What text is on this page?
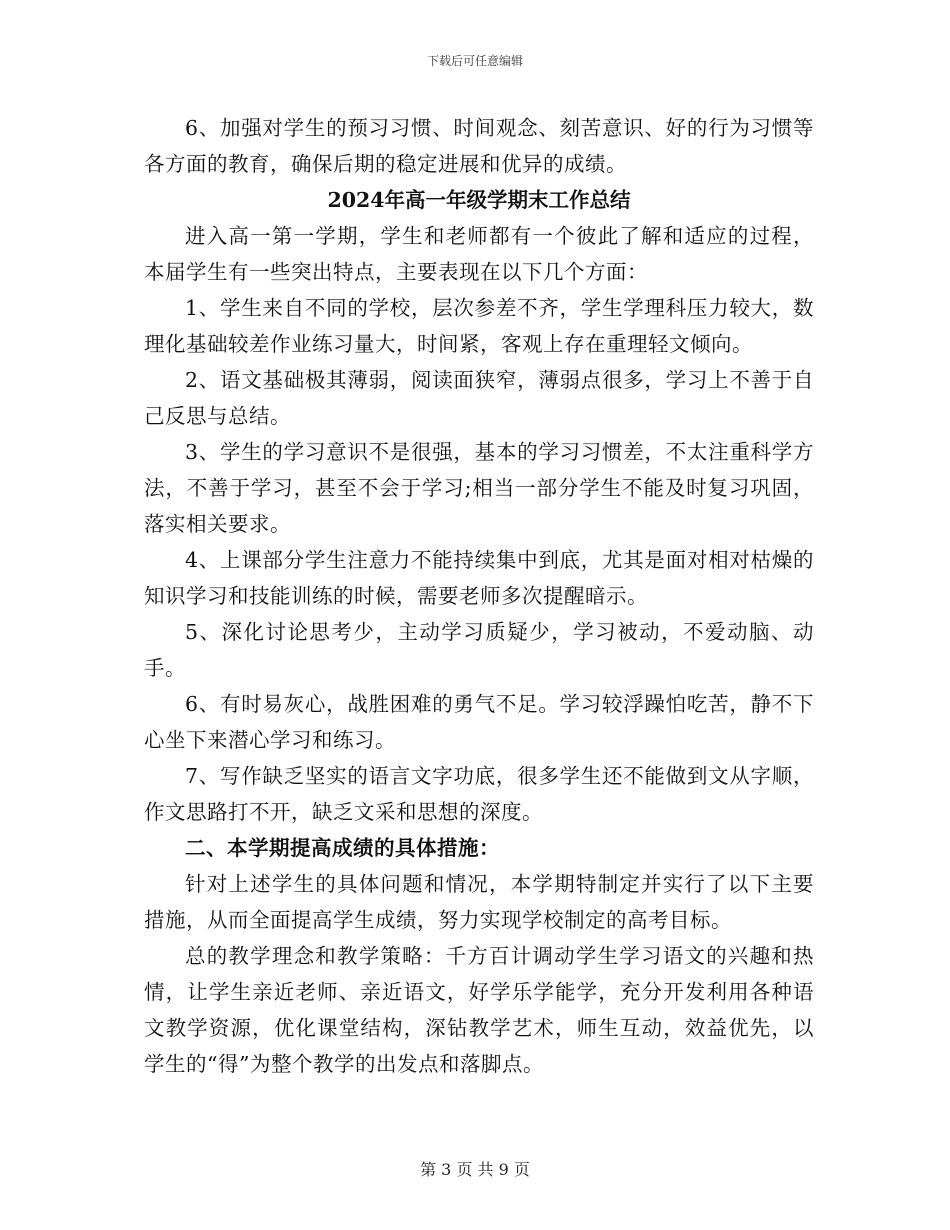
下载后可任意编辑

6、加强对学生的预习习惯、时间观念、刻苦意识、好的行为习惯等各方面的教育，确保后期的稳定进展和优异的成绩。

2024年高一年级学期末工作总结

进入高一第一学期，学生和老师都有一个彼此了解和适应的过程，本届学生有一些突出特点，主要表现在以下几个方面：

1、学生来自不同的学校，层次参差不齐，学生学理科压力较大，数理化基础较差作业练习量大，时间紧，客观上存在重理轻文倾向。

2、语文基础极其薄弱，阅读面狭窄，薄弱点很多，学习上不善于自己反思与总结。

3、学生的学习意识不是很强，基本的学习习惯差，不太注重科学方法，不善于学习，甚至不会于学习;相当一部分学生不能及时复习巩固，落实相关要求。

4、上课部分学生注意力不能持续集中到底，尤其是面对相对枯燥的知识学习和技能训练的时候，需要老师多次提醒暗示。

5、深化讨论思考少，主动学习质疑少，学习被动，不爱动脑、动手。

6、有时易灰心，战胜困难的勇气不足。学习较浮躁怕吃苦，静不下心坐下来潜心学习和练习。

7、写作缺乏坚实的语言文字功底，很多学生还不能做到文从字顺，作文思路打不开，缺乏文采和思想的深度。

二、本学期提高成绩的具体措施：

针对上述学生的具体问题和情况，本学期特制定并实行了以下主要措施，从而全面提高学生成绩，努力实现学校制定的高考目标。

总的教学理念和教学策略：千方百计调动学生学习语文的兴趣和热情，让学生亲近老师、亲近语文，好学乐学能学，充分开发利用各种语文教学资源，优化课堂结构，深钻教学艺术，师生互动，效益优先，以学生的“得”为整个教学的出发点和落脚点。

第 3 页 共 9 页
